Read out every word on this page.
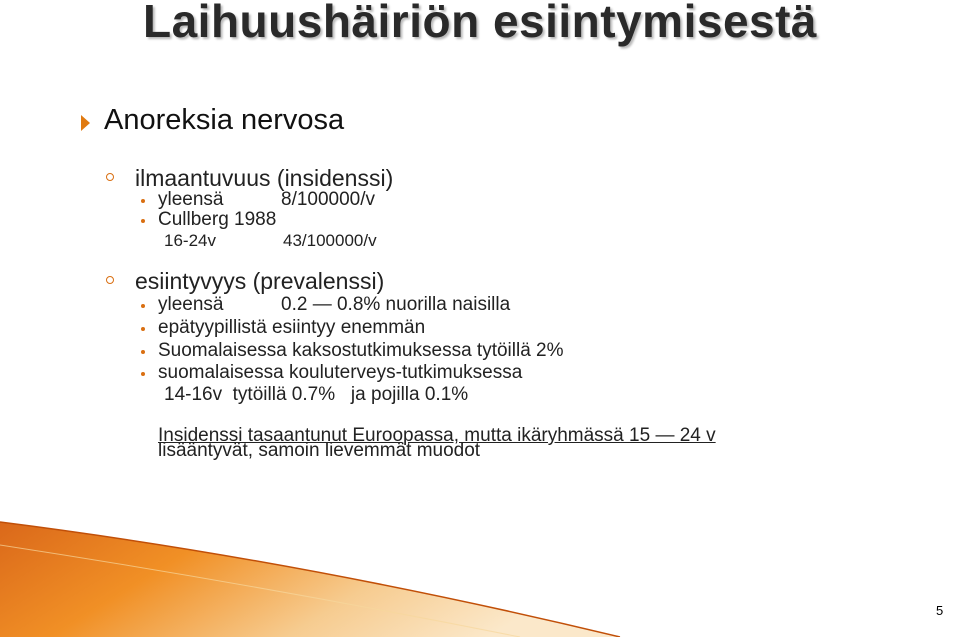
Laihuushäiriön esiintymisestä
Anoreksia nervosa
ilmaantuvuus (insidenssi)
yleensä	8/100000/v
Cullberg 1988
16-24v	43/100000/v
esiintyvyys (prevalenssi)
yleensä	0.2 — 0.8% nuorilla naisilla
epätyypillistä esiintyy enemmän
Suomalaisessa kaksostutkimuksessa tytöillä 2%
suomalaisessa kouluterveys-tutkimuksessa
14-16v  tytöillä 0.7%   ja pojilla 0.1%
Insidenssi tasaantunut Euroopassa, mutta ikäryhmässä 15 — 24 v
lisääntyvät, samoin lievemmät muodot
5
